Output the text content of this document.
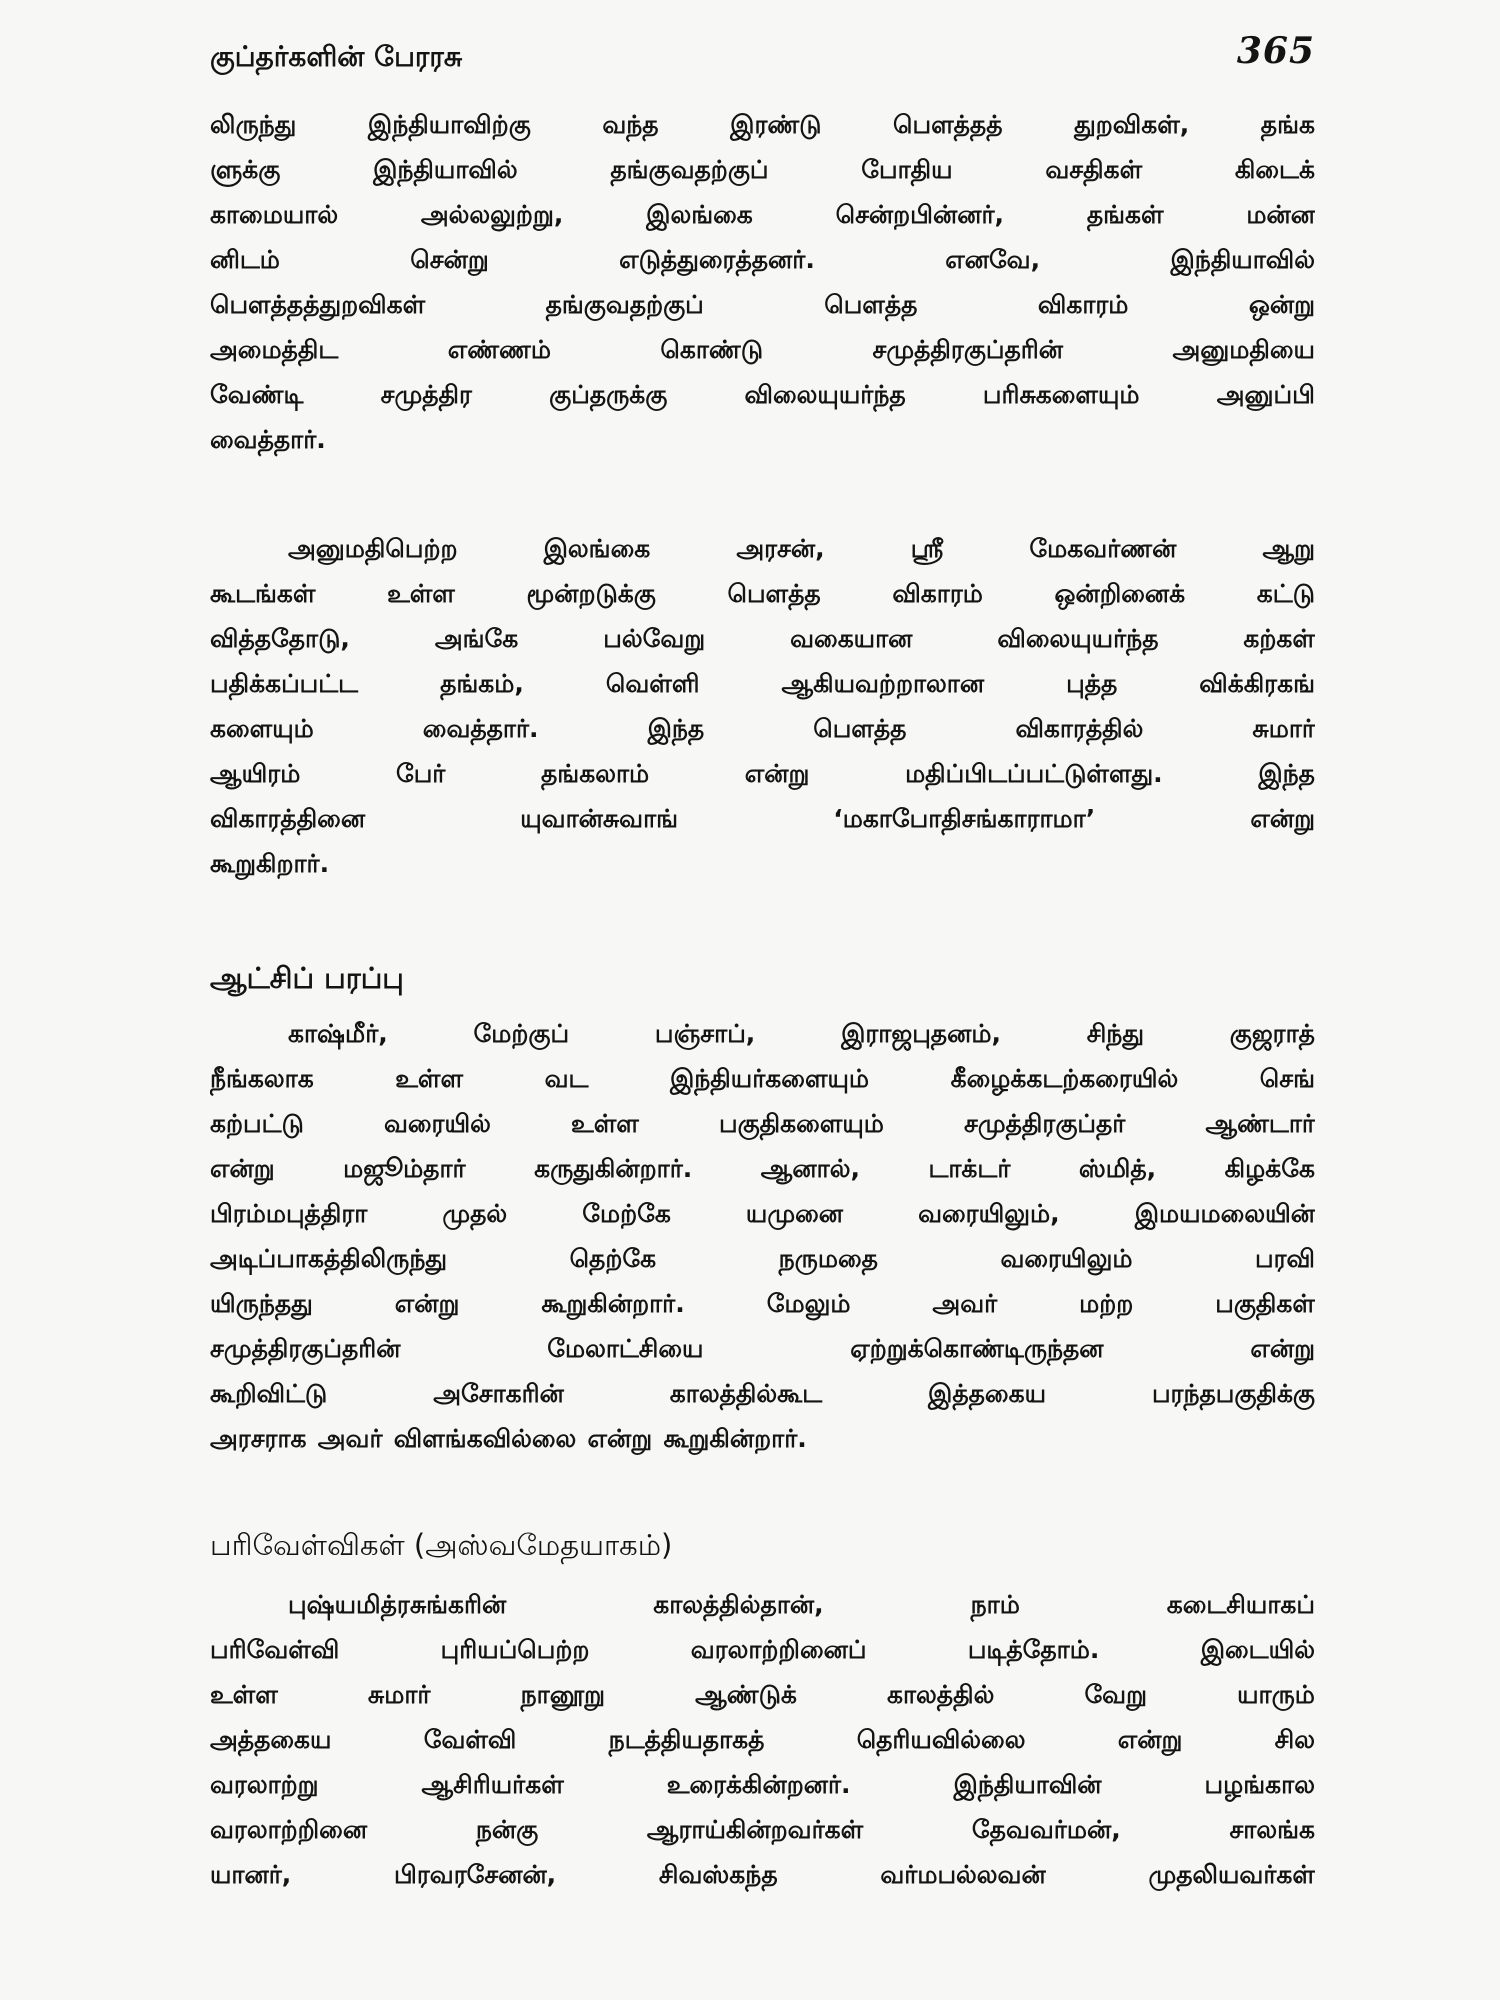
குப்தர்களின் பேரரசு	365
லிருந்து	இந்தியாவிற்கு	வந்த	இரண்டு	பௌத்தத்	துறவிகள்,	தங்க
ளுக்கு	இந்தியாவில்	தங்குவதற்குப்	போதிய	வசதிகள்	கிடைக்
காமையால்	அல்லலுற்று,	இலங்கை	சென்றபின்னர்,	தங்கள்	மன்ன
னிடம்	சென்று	எடுத்துரைத்தனர்.	எனவே,	இந்தியாவில்
பௌத்தத்துறவிகள்	தங்குவதற்குப்	பௌத்த	விகாரம்	ஒன்று
அமைத்திட	எண்ணம்	கொண்டு	சமுத்திரகுப்தரின்	அனுமதியை
வேண்டி	சமுத்திர	குப்தருக்கு	விலையுயர்ந்த	பரிசுகளையும்	அனுப்பி
வைத்தார்.
அனுமதிபெற்ற	இலங்கை	அரசன்,	ஸ்ரீ	மேகவர்ணன்	ஆறு
கூடங்கள்	உள்ள	மூன்றடுக்கு	பௌத்த	விகாரம்	ஒன்றினைக்	கட்டு
வித்ததோடு,	அங்கே	பல்வேறு	வகையான	விலையுயர்ந்த	கற்கள்
பதிக்கப்பட்ட	தங்கம்,	வெள்ளி	ஆகியவற்றாலான	புத்த	விக்கிரகங்
களையும்	வைத்தார்.	இந்த	பௌத்த	விகாரத்தில்	சுமார்
ஆயிரம்	பேர்	தங்கலாம்	என்று	மதிப்பிடப்பட்டுள்ளது.	இந்த
விகாரத்தினை	யுவான்சுவாங்	‘மகாபோதிசங்காராமா’	என்று
கூறுகிறார்.
ஆட்சிப் பரப்பு
காஷ்மீர்,	மேற்குப்	பஞ்சாப்,	இராஜபுதனம்,	சிந்து	குஜராத்
நீங்கலாக	உள்ள	வட	இந்தியர்களையும்	கீழைக்கடற்கரையில்	செங்
கற்பட்டு	வரையில்	உள்ள	பகுதிகளையும்	சமுத்திரகுப்தர்	ஆண்டார்
என்று	மஜூம்தார்	கருதுகின்றார்.	ஆனால்,	டாக்டர்	ஸ்மித்,	கிழக்கே
பிரம்மபுத்திரா	முதல்	மேற்கே	யமுனை	வரையிலும்,	இமயமலையின்
அடிப்பாகத்திலிருந்து	தெற்கே	நருமதை	வரையிலும்	பரவி
யிருந்தது	என்று	கூறுகின்றார்.	மேலும்	அவர்	மற்ற	பகுதிகள்
சமுத்திரகுப்தரின்	மேலாட்சியை	ஏற்றுக்கொண்டிருந்தன	என்று
கூறிவிட்டு	அசோகரின்	காலத்தில்கூட	இத்தகைய	பரந்தபகுதிக்கு
அரசராக அவர் விளங்கவில்லை என்று கூறுகின்றார்.
பரிவேள்விகள் (அஸ்வமேதயாகம்)
புஷ்யமித்ரசுங்கரின்	காலத்தில்தான்,	நாம்	கடைசியாகப்
பரிவேள்வி	புரியப்பெற்ற	வரலாற்றினைப்	படித்தோம்.	இடையில்
உள்ள	சுமார்	நானூறு	ஆண்டுக்	காலத்தில்	வேறு	யாரும்
அத்தகைய	வேள்வி	நடத்தியதாகத்	தெரியவில்லை	என்று	சில
வரலாற்று	ஆசிரியர்கள்	உரைக்கின்றனர்.	இந்தியாவின்	பழங்கால
வரலாற்றினை	நன்கு	ஆராய்கின்றவர்கள்	தேவவர்மன்,	சாலங்க
யானர்,	பிரவரசேனன்,	சிவஸ்கந்த	வர்மபல்லவன்	முதலியவர்கள்
